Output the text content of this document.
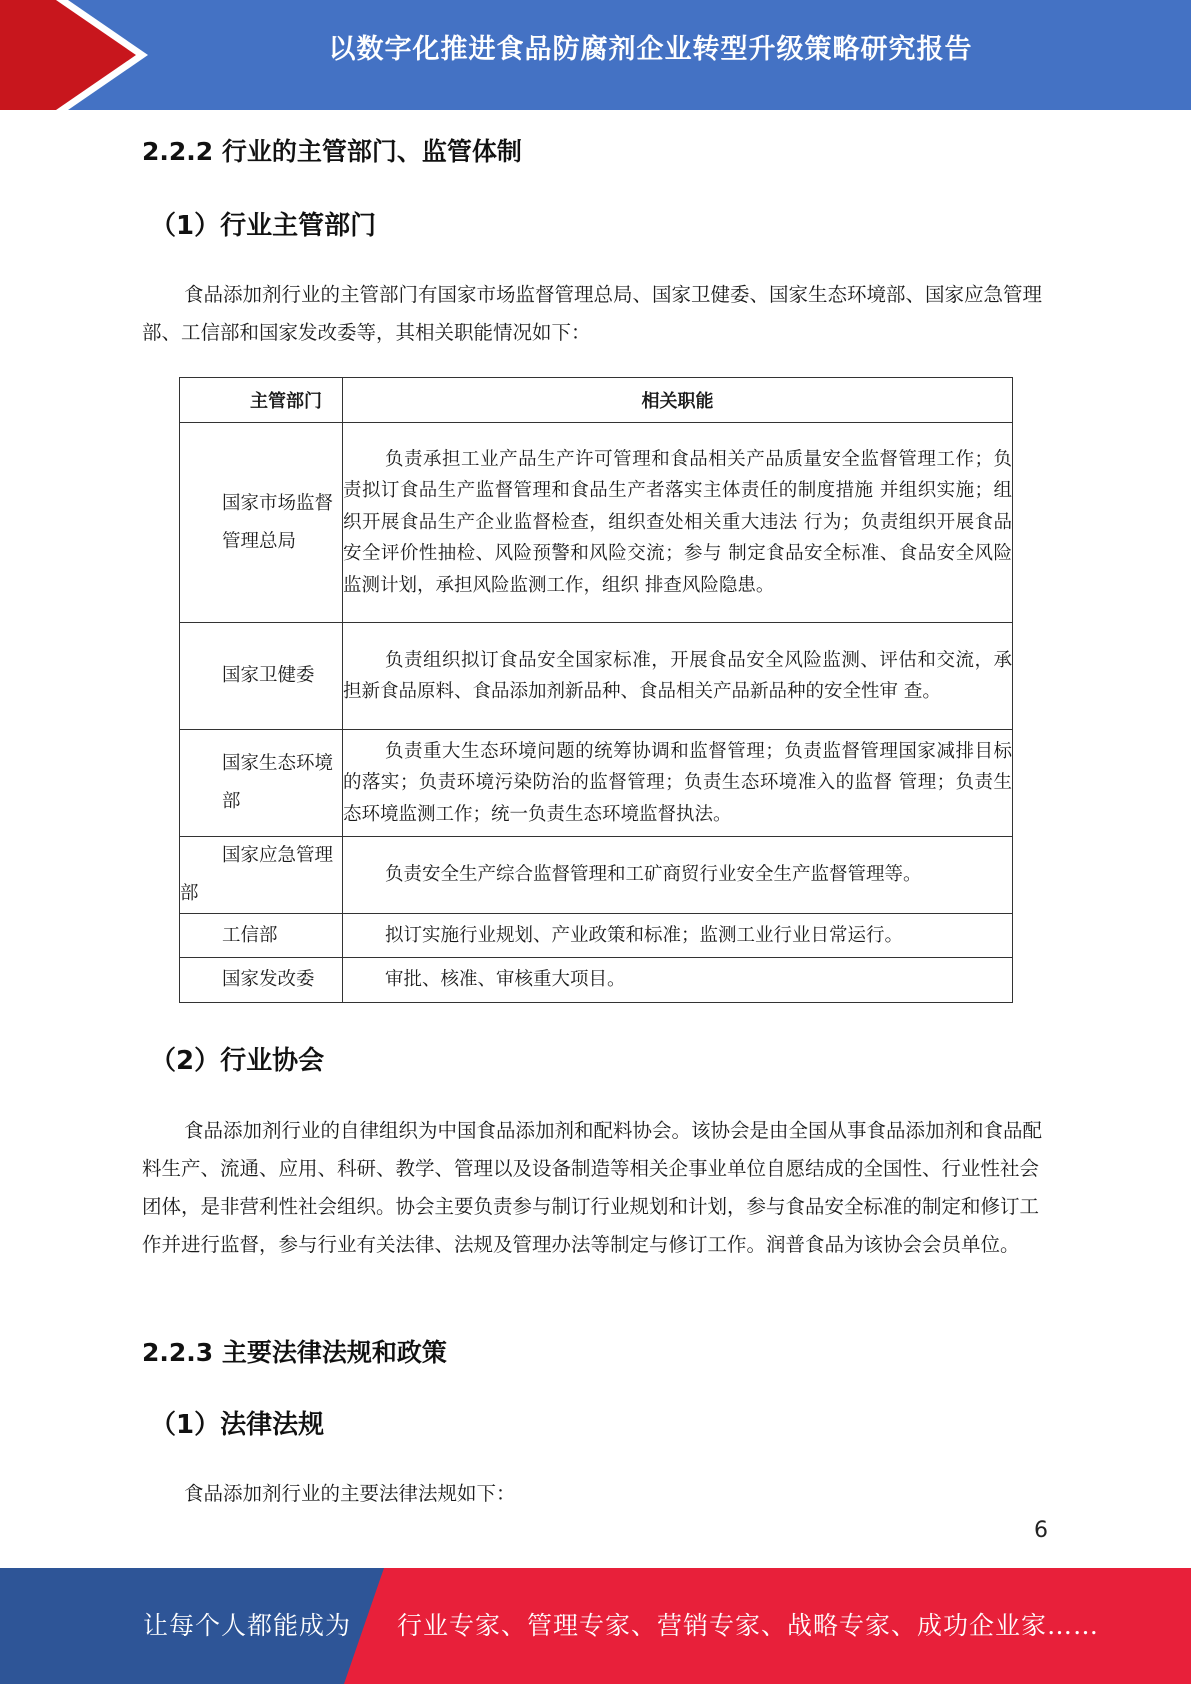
以数字化推进食品防腐剂企业转型升级策略研究报告
2.2.2 行业的主管部门、监管体制
（1）行业主管部门

食品添加剂行业的主管部门有国家市场监督管理总局、国家卫健委、国家生态环境部、国家应急管理部、工信部和国家发改委等，其相关职能情况如下：

主管部门	相关职能
国家市场监督管理总局	负责承担工业产品生产许可管理和食品相关产品质量安全监督管理工作；负责拟订食品生产监督管理和食品生产者落实主体责任的制度措施 并组织实施；组织开展食品生产企业监督检查，组织查处相关重大违法 行为；负责组织开展食品安全评价性抽检、风险预警和风险交流；参与 制定食品安全标准、食品安全风险监测计划，承担风险监测工作，组织 排查风险隐患。
国家卫健委	负责组织拟订食品安全国家标准，开展食品安全风险监测、评估和交流，承担新食品原料、食品添加剂新品种、食品相关产品新品种的安全性审 查。
国家生态环境部	负责重大生态环境问题的统筹协调和监督管理；负责监督管理国家减排目标的落实；负责环境污染防治的监督管理；负责生态环境准入的监督 管理；负责生态环境监测工作；统一负责生态环境监督执法。
国家应急管理部	负责安全生产综合监督管理和工矿商贸行业安全生产监督管理等。
工信部	拟订实施行业规划、产业政策和标准；监测工业行业日常运行。
国家发改委	审批、核准、审核重大项目。
（2）行业协会

食品添加剂行业的自律组织为中国食品添加剂和配料协会。该协会是由全国从事食品添加剂和食品配料生产、流通、应用、科研、教学、管理以及设备制造等相关企事业单位自愿结成的全国性、行业性社会团体，是非营利性社会组织。协会主要负责参与制订行业规划和计划，参与食品安全标准的制定和修订工作并进行监督，参与行业有关法律、法规及管理办法等制定与修订工作。润普食品为该协会会员单位。

2.2.3 主要法律法规和政策
（1）法律法规

食品添加剂行业的主要法律法规如下：

6
让每个人都能成为 行业专家、管理专家、营销专家、战略专家、成功企业家……
